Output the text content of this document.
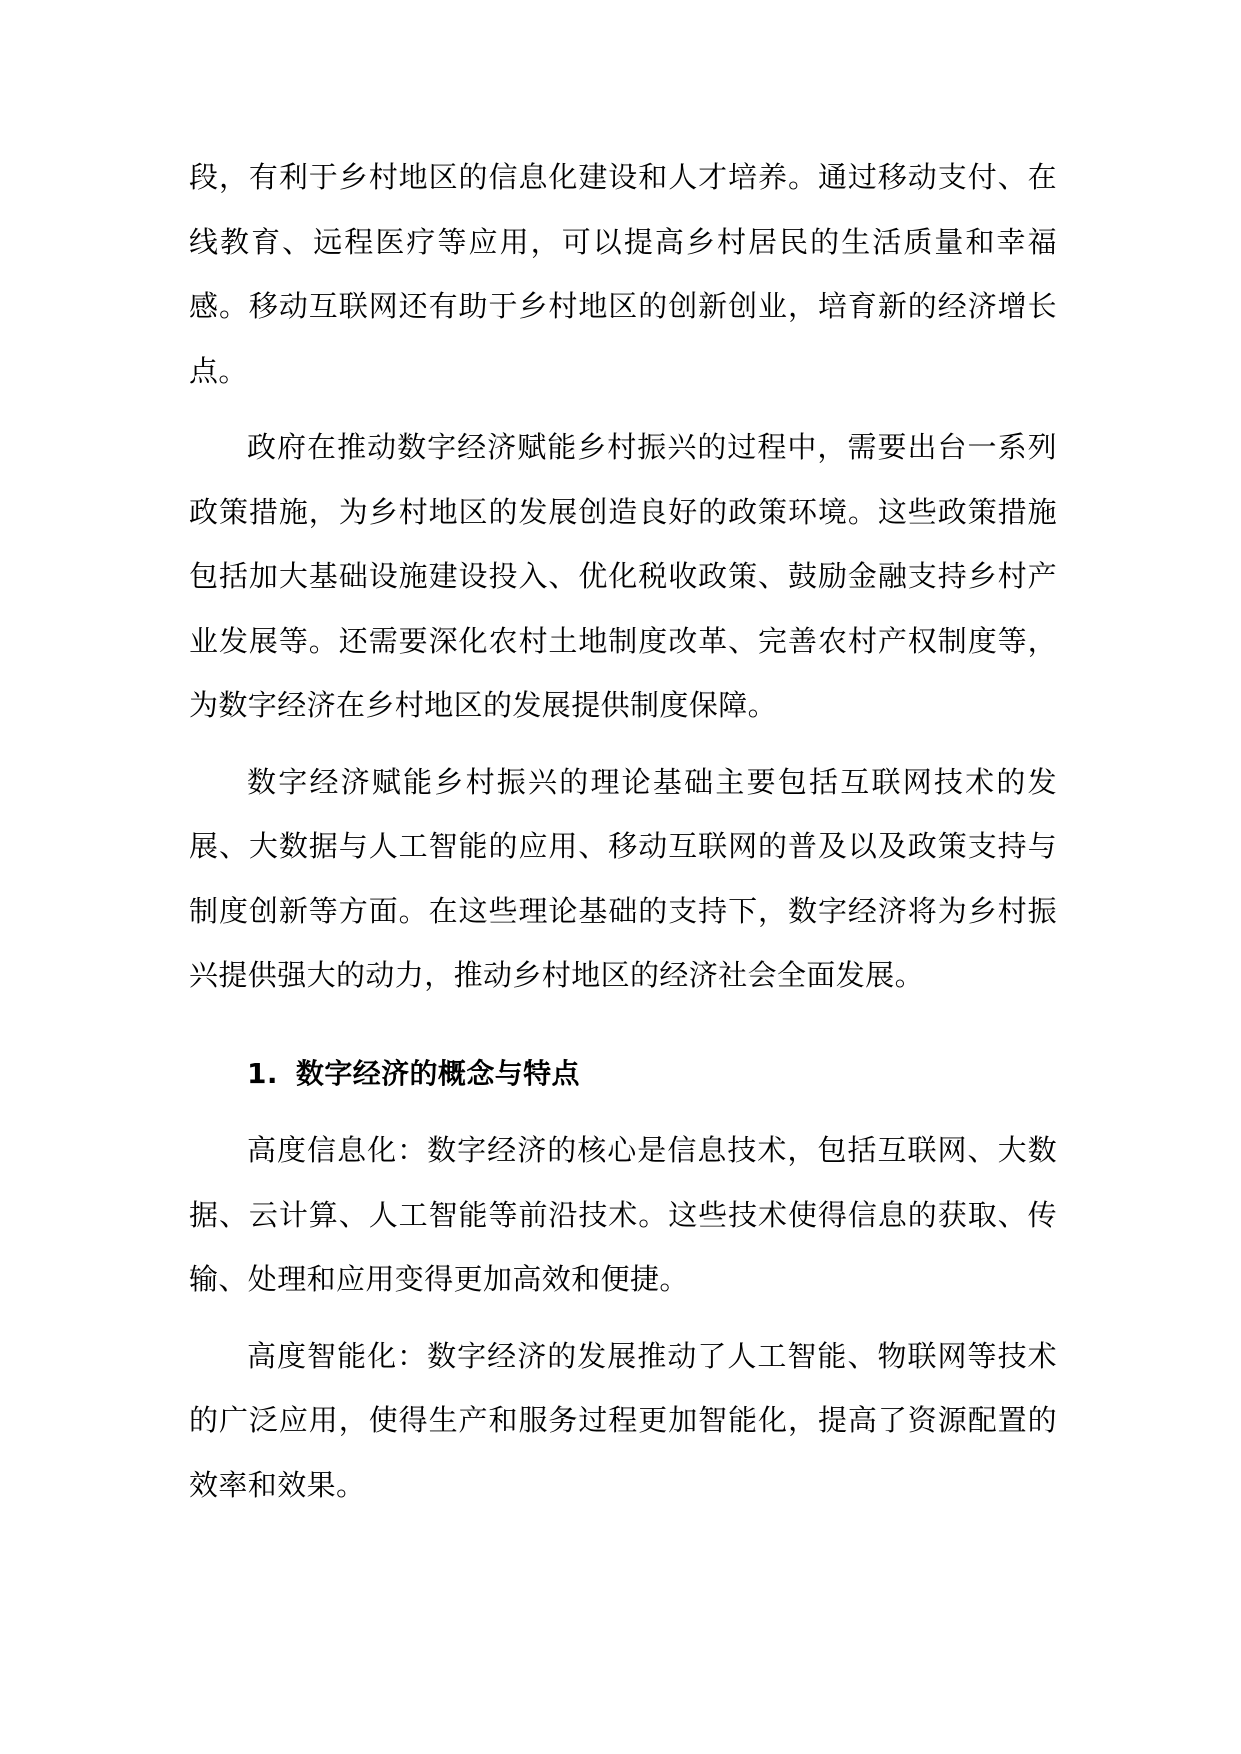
段，有利于乡村地区的信息化建设和人才培养。通过移动支付、在线教育、远程医疗等应用，可以提高乡村居民的生活质量和幸福感。移动互联网还有助于乡村地区的创新创业，培育新的经济增长点。

政府在推动数字经济赋能乡村振兴的过程中，需要出台一系列政策措施，为乡村地区的发展创造良好的政策环境。这些政策措施包括加大基础设施建设投入、优化税收政策、鼓励金融支持乡村产业发展等。还需要深化农村土地制度改革、完善农村产权制度等，为数字经济在乡村地区的发展提供制度保障。

数字经济赋能乡村振兴的理论基础主要包括互联网技术的发展、大数据与人工智能的应用、移动互联网的普及以及政策支持与制度创新等方面。在这些理论基础的支持下，数字经济将为乡村振兴提供强大的动力，推动乡村地区的经济社会全面发展。

1. 数字经济的概念与特点

高度信息化：数字经济的核心是信息技术，包括互联网、大数据、云计算、人工智能等前沿技术。这些技术使得信息的获取、传输、处理和应用变得更加高效和便捷。

高度智能化：数字经济的发展推动了人工智能、物联网等技术的广泛应用，使得生产和服务过程更加智能化，提高了资源配置的效率和效果。
